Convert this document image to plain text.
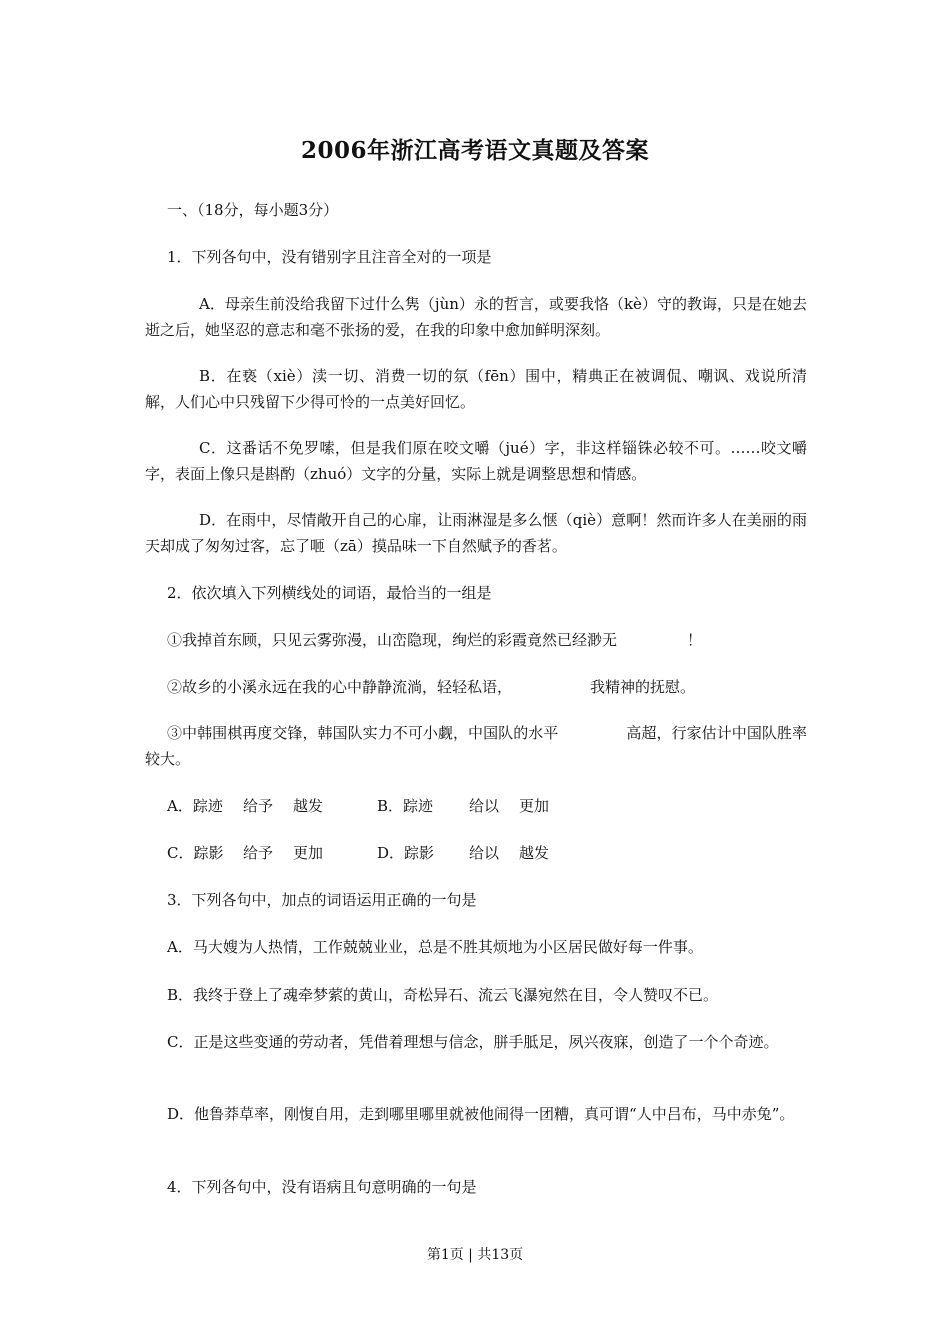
2006年浙江高考语文真题及答案
一、（18分，每小题3分）
1．下列各句中，没有错别字且注音全对的一项是
A．母亲生前没给我留下过什么隽（jùn）永的哲言，或要我恪（kè）守的教诲，只是在她去逝之后，她坚忍的意志和毫不张扬的爱，在我的印象中愈加鲜明深刻。
B．在亵（xiè）渎一切、消费一切的氛（fēn）围中，精典正在被调侃、嘲讽、戏说所清解，人们心中只残留下少得可怜的一点美好回忆。
C．这番话不免罗嗦，但是我们原在咬文嚼（jué）字，非这样锱铢必较不可。……咬文嚼字，表面上像只是斟酌（zhuó）文字的分量，实际上就是调整思想和情感。
D．在雨中，尽情敞开自己的心扉，让雨淋湿是多么惬（qiè）意啊！然而许多人在美丽的雨天却成了匆匆过客，忘了咂（zā）摸品味一下自然赋予的香茗。
2．依次填入下列横线处的词语，最恰当的一组是
①我掉首东顾，只见云雾弥漫，山峦隐现，绚烂的彩霞竟然已经渺无	！
②故乡的小溪永远在我的心中静静流淌，轻轻私语，	我精神的抚慰。
③中韩围棋再度交锋，韩国队实力不可小觑，中国队的水平	高超，行家估计中国队胜率较大。
A．踪迹 给予 越发	B．踪迹 给以 更加
C．踪影 给予 更加	D．踪影 给以 越发
3．下列各句中，加点的词语运用正确的一句是
A．马大嫂为人热情，工作兢兢业业，总是不胜其烦地为小区居民做好每一件事。
B．我终于登上了魂牵梦萦的黄山，奇松异石、流云飞瀑宛然在目，令人赞叹不已。
C．正是这些变通的劳动者，凭借着理想与信念，胼手胝足，夙兴夜寐，创造了一个个奇迹。
D．他鲁莽草率，刚愎自用，走到哪里哪里就被他闹得一团糟，真可谓“人中吕布，马中赤兔”。
4．下列各句中，没有语病且句意明确的一句是
第1页 | 共13页
